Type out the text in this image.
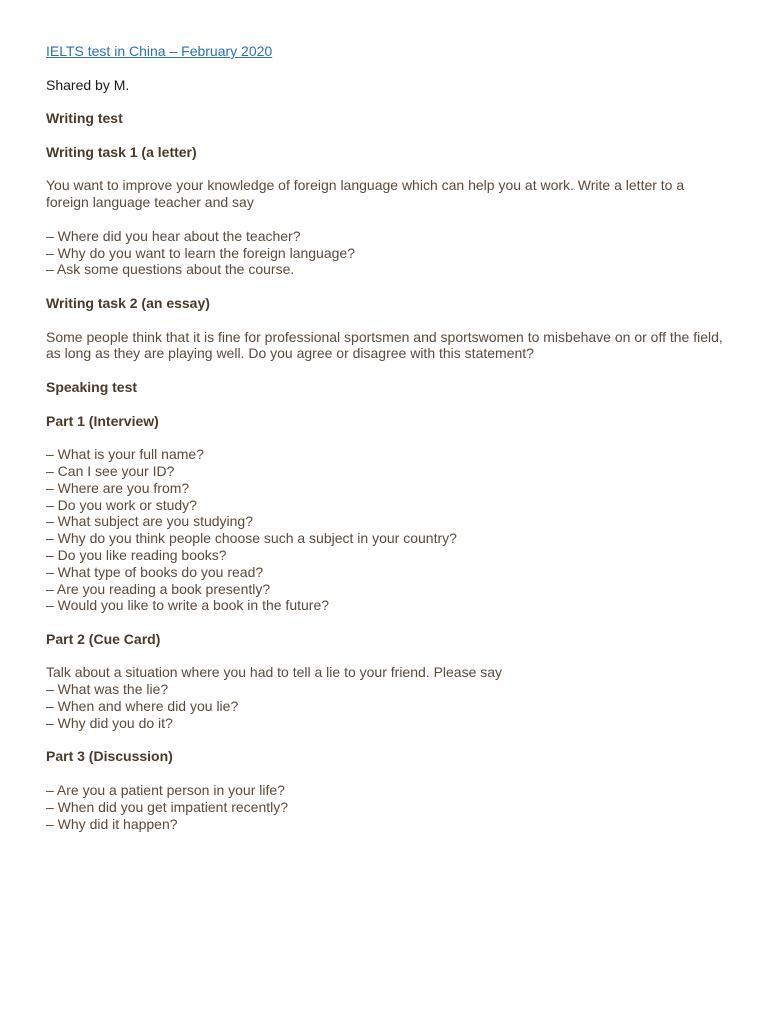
IELTS test in China – February 2020
Shared by M.
Writing test
Writing task 1 (a letter)
You want to improve your knowledge of foreign language which can help you at work. Write a letter to a foreign language teacher and say
– Where did you hear about the teacher?
– Why do you want to learn the foreign language?
– Ask some questions about the course.
Writing task 2 (an essay)
Some people think that it is fine for professional sportsmen and sportswomen to misbehave on or off the field, as long as they are playing well. Do you agree or disagree with this statement?
Speaking test
Part 1 (Interview)
– What is your full name?
– Can I see your ID?
– Where are you from?
– Do you work or study?
– What subject are you studying?
– Why do you think people choose such a subject in your country?
– Do you like reading books?
– What type of books do you read?
– Are you reading a book presently?
– Would you like to write a book in the future?
Part 2 (Cue Card)
Talk about a situation where you had to tell a lie to your friend. Please say
– What was the lie?
– When and where did you lie?
– Why did you do it?
Part 3 (Discussion)
– Are you a patient person in your life?
– When did you get impatient recently?
– Why did it happen?
